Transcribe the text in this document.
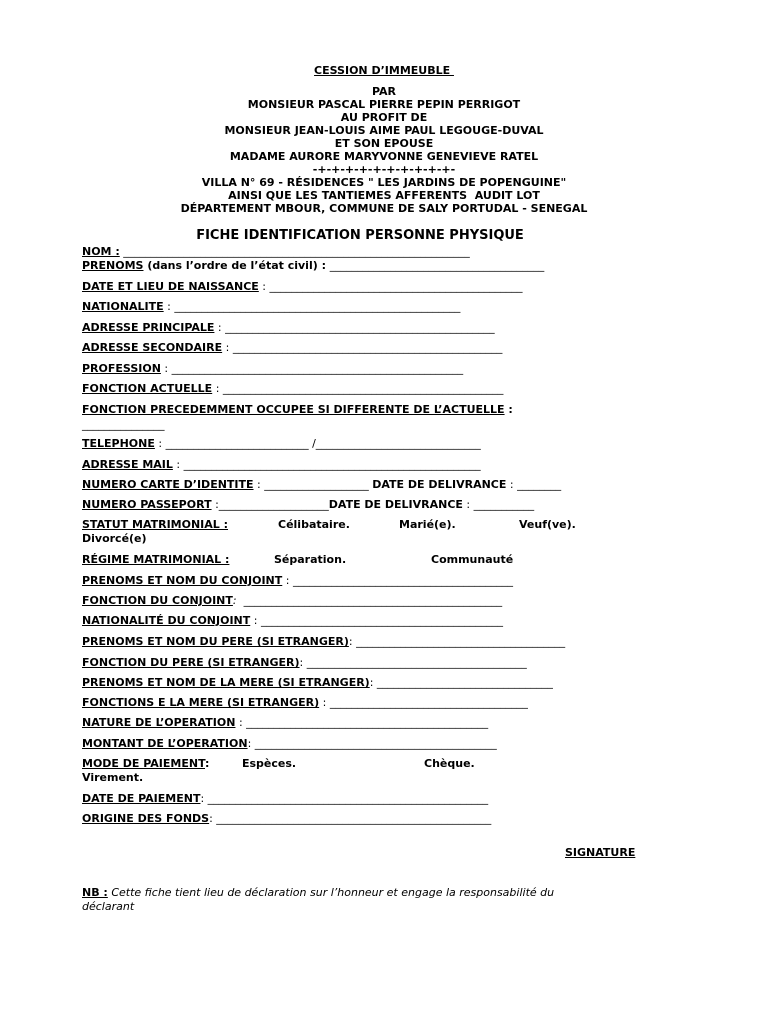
CESSION D’IMMEUBLE
PAR
MONSIEUR PASCAL PIERRE PEPIN PERRIGOT
AU PROFIT DE
MONSIEUR JEAN-LOUIS AIME PAUL LEGOUGE-DUVAL
ET SON EPOUSE
MADAME AURORE MARYVONNE GENEVIEVE RATEL
-+-+-+-+-+-+-+-+-+-+-
VILLA N° 69 - RÉSIDENCES " LES JARDINS DE POPENGUINE"
AINSI QUE LES TANTIEMES AFFERENTS  AUDIT LOT
DÉPARTEMENT MBOUR, COMMUNE DE SALY PORTUDAL - SENEGAL
FICHE IDENTIFICATION PERSONNE PHYSIQUE
NOM : _______________________________________________________________
PRENOMS (dans l’ordre de l’état civil) : _______________________________________
DATE ET LIEU DE NAISSANCE : ______________________________________________
NATIONALITE : ____________________________________________________
ADRESSE PRINCIPALE : _________________________________________________
ADRESSE SECONDAIRE : _________________________________________________
PROFESSION : _____________________________________________________
FONCTION ACTUELLE : ___________________________________________________
FONCTION PRECEDEMMENT OCCUPEE SI DIFFERENTE DE L’ACTUELLE :
_______________
TELEPHONE : __________________________ /______________________________
ADRESSE MAIL : ______________________________________________________
NUMERO CARTE D’IDENTITE : ___________________ DATE DE DELIVRANCE : ________
NUMERO PASSEPORT :____________________DATE DE DELIVRANCE : ___________
STATUT MATRIMONIAL :	Célibataire.	Marié(e).	Veuf(ve).
Divorcé(e)
RÉGIME MATRIMONIAL :	Séparation.	Communauté
PRENOMS ET NOM DU CONJOINT : ________________________________________
FONCTION DU CONJOINT:  _______________________________________________
NATIONALITÉ DU CONJOINT : ____________________________________________
PRENOMS ET NOM DU PERE (SI ETRANGER): ______________________________________
FONCTION DU PERE (SI ETRANGER): ________________________________________
PRENOMS ET NOM DE LA MERE (SI ETRANGER): ________________________________
FONCTIONS E LA MERE (SI ETRANGER) : ____________________________________
NATURE DE L’OPERATION : ____________________________________________
MONTANT DE L’OPERATION: ____________________________________________
MODE DE PAIEMENT:	Espèces.	Chèque.
Virement.
DATE DE PAIEMENT: ___________________________________________________
ORIGINE DES FONDS: __________________________________________________
SIGNATURE
NB : Cette fiche tient lieu de déclaration sur l’honneur et engage la responsabilité du déclarant
